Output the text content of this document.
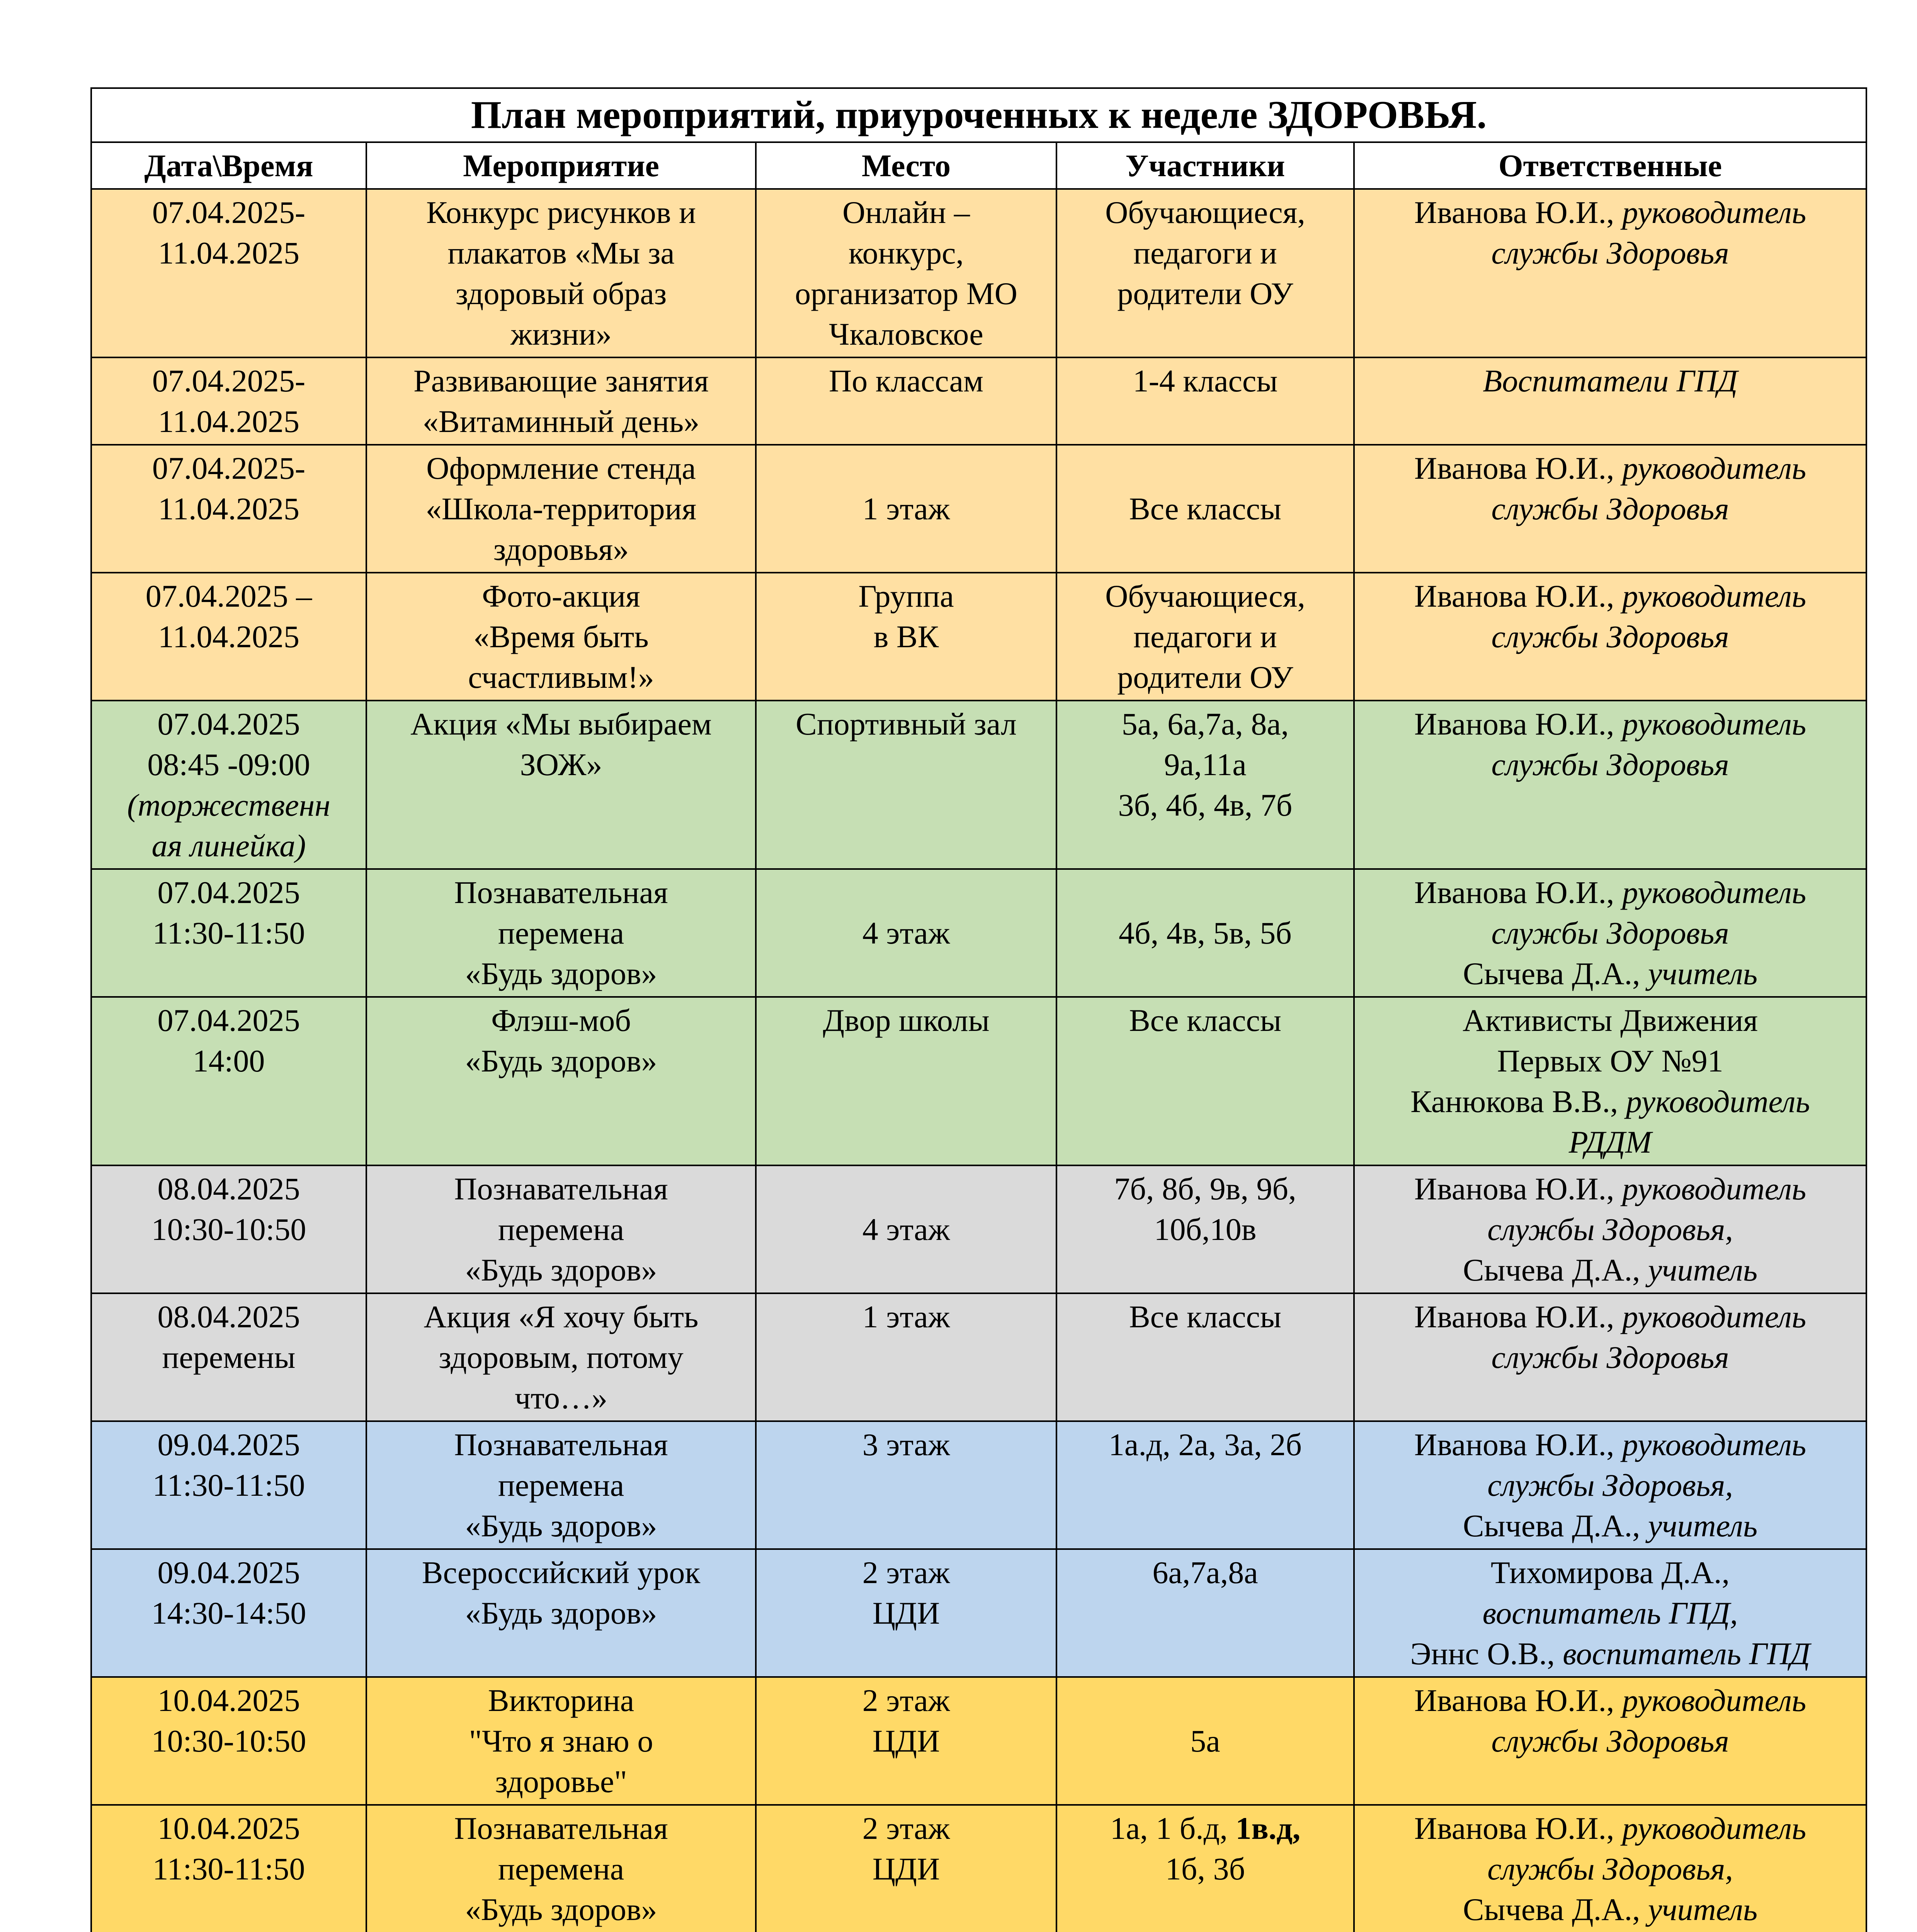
План мероприятий, приуроченных к неделе ЗДОРОВЬЯ.				
Дата\Время	Мероприятие	Место	Участники	Ответственные

07.04.2025-
11.04.2025	Конкурс рисунков и
плакатов «Мы за
здоровый образ
жизни»	Онлайн –
конкурс,
организатор МО
Чкаловское	Обучающиеся,
педагоги и
родители ОУ	Иванова Ю.И., руководитель
службы Здоровья

07.04.2025-
11.04.2025	Развивающие занятия
«Витаминный день»	По классам	1-4 классы	Воспитатели ГПД

07.04.2025-
11.04.2025	Оформление стенда
«Школа-территория
здоровья»	1 этаж	Все классы	Иванова Ю.И., руководитель
службы Здоровья

07.04.2025 –
11.04.2025	Фото-акция
«Время быть
счастливым!»	Группа
в ВК	Обучающиеся,
педагоги и
родители ОУ	Иванова Ю.И., руководитель
службы Здоровья

07.04.2025
08:45 -09:00
(торжественн
ая линейка)	Акция «Мы выбираем
ЗОЖ»	Спортивный зал	5а, 6а,7а, 8а,
9а,11а
3б, 4б, 4в, 7б	Иванова Ю.И., руководитель
службы Здоровья

07.04.2025
11:30-11:50	Познавательная
перемена
«Будь здоров»	4 этаж	4б, 4в, 5в, 5б	Иванова Ю.И., руководитель
службы Здоровья
Сычева Д.А., учитель

07.04.2025
14:00	Флэш-моб
«Будь здоров»	Двор школы	Все классы	Активисты Движения
Первых ОУ №91
Канюкова В.В., руководитель
РДДМ

08.04.2025
10:30-10:50	Познавательная
перемена
«Будь здоров»	4 этаж	7б, 8б, 9в, 9б,
10б,10в	Иванова Ю.И., руководитель
службы Здоровья,
Сычева Д.А., учитель

08.04.2025
перемены	Акция «Я хочу быть
здоровым, потому
что…»	1 этаж	Все классы	Иванова Ю.И., руководитель
службы Здоровья

09.04.2025
11:30-11:50	Познавательная
перемена
«Будь здоров»	3 этаж	1а.д, 2а, 3а, 2б	Иванова Ю.И., руководитель
службы Здоровья,
Сычева Д.А., учитель

09.04.2025
14:30-14:50	Всероссийский урок
«Будь здоров»	2 этаж
ЦДИ	6а,7а,8а	Тихомирова Д.А.,
воспитатель ГПД,
Эннс О.В., воспитатель ГПД

10.04.2025
10:30-10:50	Викторина
"Что я знаю о
здоровье"	2 этаж
ЦДИ	5а	Иванова Ю.И., руководитель
службы Здоровья

10.04.2025
11:30-11:50	Познавательная
перемена
«Будь здоров»	2 этаж
ЦДИ	1а, 1 б.д, 1в.д,
1б, 3б	Иванова Ю.И., руководитель
службы Здоровья,
Сычева Д.А., учитель
